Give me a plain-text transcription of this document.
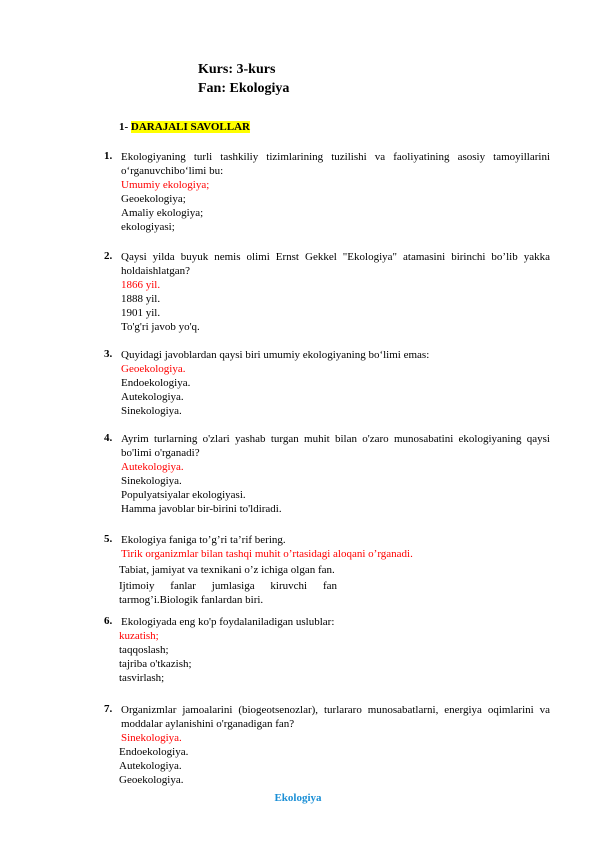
Kurs: 3-kurs
Fan: Ekologiya
1- DARAJALI SAVOLLAR
1. Ekologiyaning turli tashkiliy tizimlarining tuzilishi va faoliyatining asosiy tamoyillarini o‘rganuvchibo‘limi bu:
Umumiy ekologiya;
Geoekologiya;
Amaliy ekologiya;
ekologiyasi;
2. Qaysi yilda buyuk nemis olimi Ernst Gekkel "Ekologiya" atamasini birinchi bo’lib yakka holdaishlatgan?
1866 yil.
1888 yil.
1901 yil.
To'g'ri javob yo'q.
3. Quyidagi javoblardan qaysi biri umumiy ekologiyaning bo‘limi emas:
Geoekologiya.
Endoekologiya.
Autekologiya.
Sinekologiya.
4. Ayrim turlarning o'zlari yashab turgan muhit bilan o'zaro munosabatini ekologiyaning qaysi bo'limi o'rganadi?
Autekologiya.
Sinekologiya.
Populyatsiyalar ekologiyasi.
Hamma javoblar bir-birini to'ldiradi.
5. Ekologiya faniga to’g’ri ta’rif bering.
Tirik organizmlar bilan tashqi muhit o’rtasidagi aloqani o’rganadi.
Tabiat, jamiyat va texnikani o’z ichiga olgan fan.
Ijtimoiy fanlar jumlasiga kiruvchi fan
tarmog’i.Biologik fanlardan biri.
6. Ekologiyada eng ko'p foydalaniladigan uslublar:
kuzatish;
taqqoslash;
tajriba o'tkazish;
tasvirlash;
7. Organizmlar jamoalarini (biogeotsenozlar), turlararo munosabatlarni, energiya oqimlarini va moddalar aylanishini o'rganadigan fan?
Sinekologiya.
Endoekologiya.
Autekologiya.
Geoekologiya.
Ekologiya
